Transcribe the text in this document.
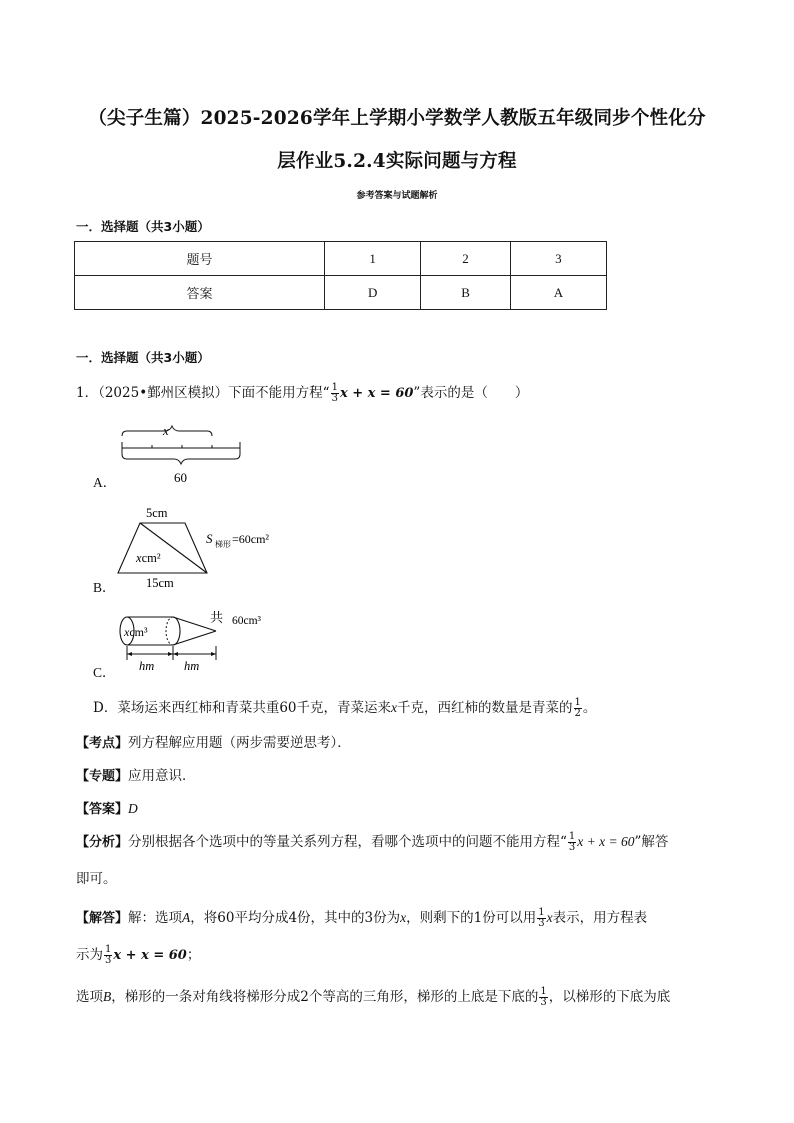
（尖子生篇）2025-2026学年上学期小学数学人教版五年级同步个性化分
层作业5.2.4实际问题与方程
参考答案与试题解析
一．选择题（共3小题）
题号	1	2	3
答案	D	B	A
一．选择题（共3小题）
1．（2025•鄞州区模拟）下面不能用方程“ $\frac{1}{3}$ x + x = 60”表示的是（　　）
A．
x
60
B．
5cm
xcm²
15cm
S 梯形 =60cm²
C．
xcm³
共 60cm³
hm hm
D．菜场运来西红柿和青菜共重60千克，青菜运来x千克，西红柿的数量是青菜的 $\frac{1}{2}$ 。
【考点】列方程解应用题（两步需要逆思考）．
【专题】应用意识．
【答案】D
【分析】分别根据各个选项中的等量关系列方程，看哪个选项中的问题不能用方程“ $\frac{1}{3}$ x + x = 60”解答
即可。
【解答】解：选项A，将60平均分成4份，其中的3份为x，则剩下的1份可以用 $\frac{1}{3}$ x表示，用方程表
示为 $\frac{1}{3}$ x + x = 60；
选项B，梯形的一条对角线将梯形分成2个等高的三角形，梯形的上底是下底的 $\frac{1}{3}$ ，以梯形的下底为底
